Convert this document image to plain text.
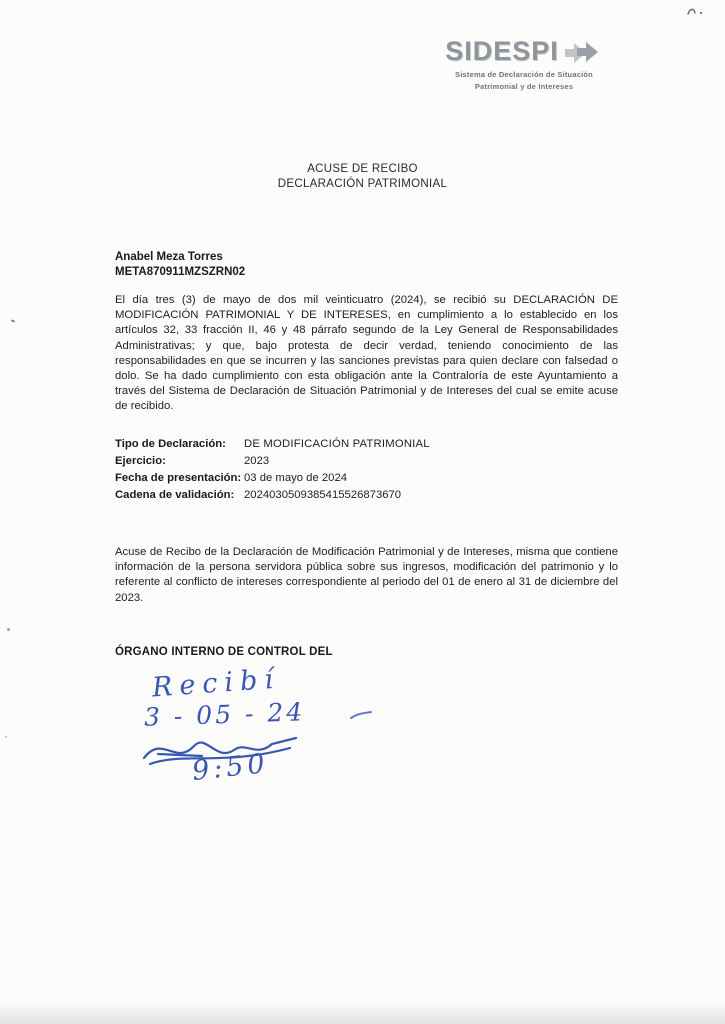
SIDESPI
Sistema de Declaración de Situación
Patrimonial y de Intereses
ACUSE DE RECIBO
DECLARACIÓN PATRIMONIAL
Anabel Meza Torres
META870911MZSZRN02

El día tres (3) de mayo de dos mil veinticuatro (2024), se recibió su DECLARACIÓN DE MODIFICACIÓN PATRIMONIAL Y DE INTERESES, en cumplimiento a lo establecido en los artículos 32, 33 fracción II, 46 y 48 párrafo segundo de la Ley General de Responsabilidades Administrativas; y que, bajo protesta de decir verdad, teniendo conocimiento de las responsabilidades en que se incurren y las sanciones previstas para quien declare con falsedad o dolo. Se ha dado cumplimiento con esta obligación ante la Contraloría de este Ayuntamiento a través del Sistema de Declaración de Situación Patrimonial y de Intereses del cual se emite acuse de recibido.

Tipo de Declaración:	DE MODIFICACIÓN PATRIMONIAL
Ejercicio:	2023
Fecha de presentación: 03 de mayo de 2024
Cadena de validación: 2024030509385415526873670

Acuse de Recibo de la Declaración de Modificación Patrimonial y de Intereses, misma que contiene información de la persona servidora pública sobre sus ingresos, modificación del patrimonio y lo referente al conflicto de intereses correspondiente al periodo del 01 de enero al 31 de diciembre del 2023.

ÓRGANO INTERNO DE CONTROL DEL
Recibí
3 - 05 - 24
9:50
